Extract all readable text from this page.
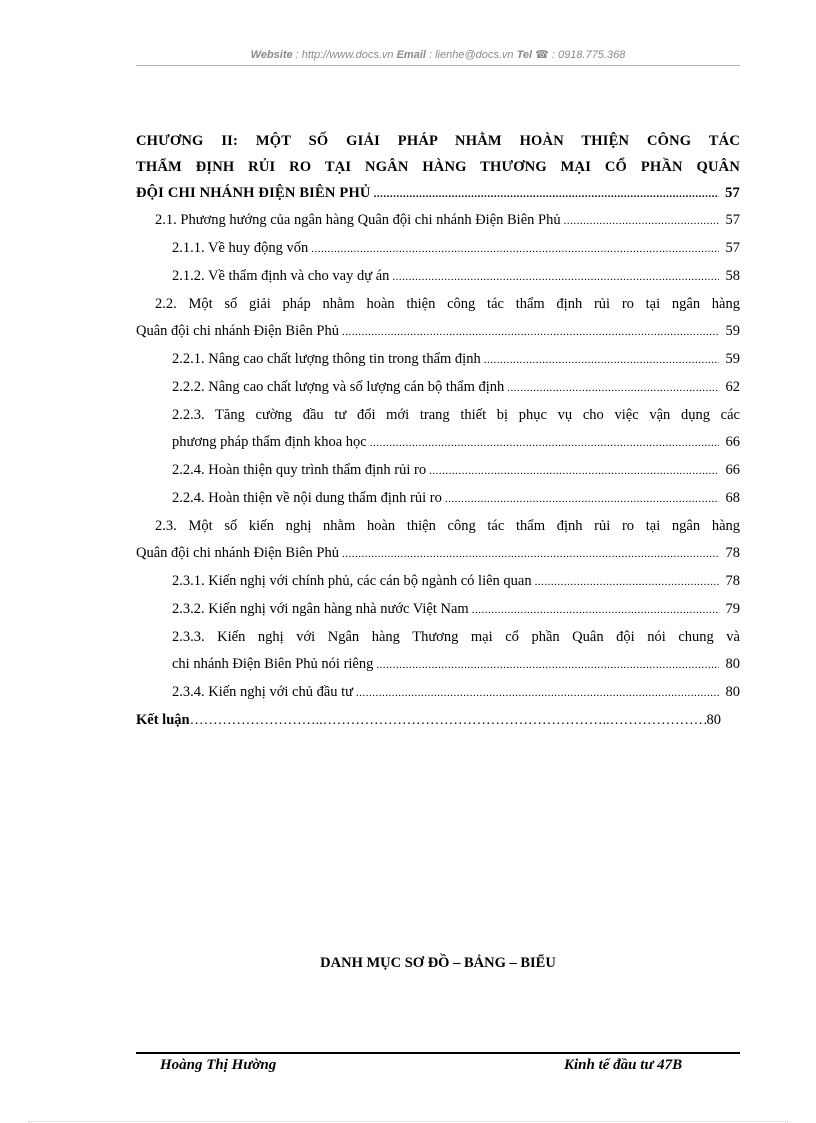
Website : http://www.docs.vn Email : lienhe@docs.vn Tel ☎ : 0918.775.368
CHƯƠNG II: MỘT SỐ GIẢI PHÁP NHẰM HOÀN THIỆN CÔNG TÁC
THẨM ĐỊNH RỦI RO TẠI NGÂN HÀNG THƯƠNG MẠI CỔ PHẦN QUÂN
ĐỘI CHI NHÁNH ĐIỆN BIÊN PHỦ .....	57
2.1. Phương hướng của ngân hàng Quân đội chi nhánh Điện Biên Phủ .....	57
2.1.1. Về huy động vốn .....	57
2.1.2. Về thẩm định và cho vay dự án .....	58
2.2. Một số giải pháp nhằm hoàn thiện công tác thẩm định rủi ro tại ngân hàng
Quân đội chi nhánh Điện Biên Phủ .....	59
2.2.1. Nâng cao chất lượng thông tin trong thẩm định .....	59
2.2.2. Nâng cao chất lượng và số lượng cán bộ thẩm định .....	62
2.2.3. Tăng cường đầu tư đổi mới trang thiết bị phục vụ cho việc vận dụng các
phương pháp thẩm định khoa học .....	66
2.2.4. Hoàn thiện quy trình thẩm định rủi ro .....	66
2.2.4. Hoàn thiện về nội dung thẩm định rủi ro .....	68
2.3. Một số kiến nghị nhằm hoàn thiện công tác thẩm định rủi ro tại ngân hàng
Quân đội chi nhánh Điện Biên Phủ .....	78
2.3.1. Kiến nghị với chính phủ, các cán bộ ngành có liên quan .....	78
2.3.2. Kiến nghị với ngân hàng nhà nước Việt Nam .....	79
2.3.3. Kiến nghị với Ngân hàng Thương mại cổ phần Quân đội nói chung và
chi nhánh Điện Biên Phủ nói riêng .....	80
2.3.4. Kiến nghị với chủ đầu tư .....	80
Kết luận ………………………..……………………………………………………..………………………………………	80
DANH MỤC SƠ ĐỒ – BẢNG – BIỂU
Hoàng Thị Hường	Kinh tế đầu tư 47B
